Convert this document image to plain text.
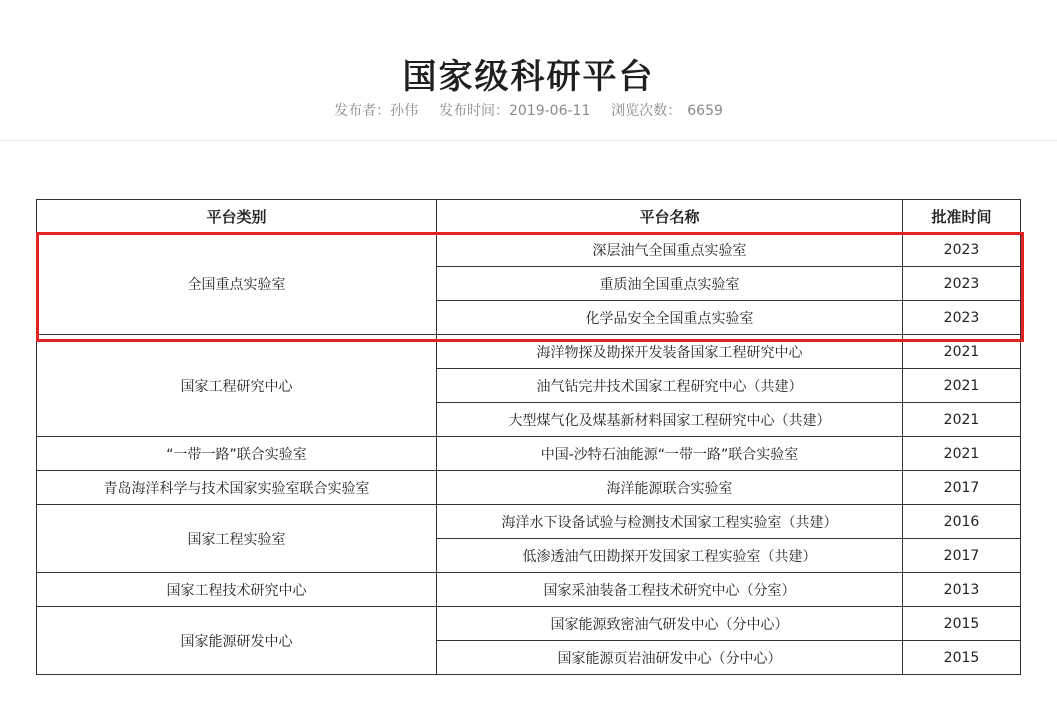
国家级科研平台
发布者：孙伟 发布时间：2019-06-11 浏览次数： 6659
平台类别	平台名称	批准时间
全国重点实验室	深层油气全国重点实验室	2023
	重质油全国重点实验室	2023
	化学品安全全国重点实验室	2023
国家工程研究中心	海洋物探及勘探开发装备国家工程研究中心	2021
	油气钻完井技术国家工程研究中心（共建）	2021
	大型煤气化及煤基新材料国家工程研究中心（共建）	2021
“一带一路”联合实验室	中国-沙特石油能源“一带一路”联合实验室	2021
青岛海洋科学与技术国家实验室联合实验室	海洋能源联合实验室	2017
国家工程实验室	海洋水下设备试验与检测技术国家工程实验室（共建）	2016
	低渗透油气田勘探开发国家工程实验室（共建）	2017
国家工程技术研究中心	国家采油装备工程技术研究中心（分室）	2013
国家能源研发中心	国家能源致密油气研发中心（分中心）	2015
	国家能源页岩油研发中心（分中心）	2015
